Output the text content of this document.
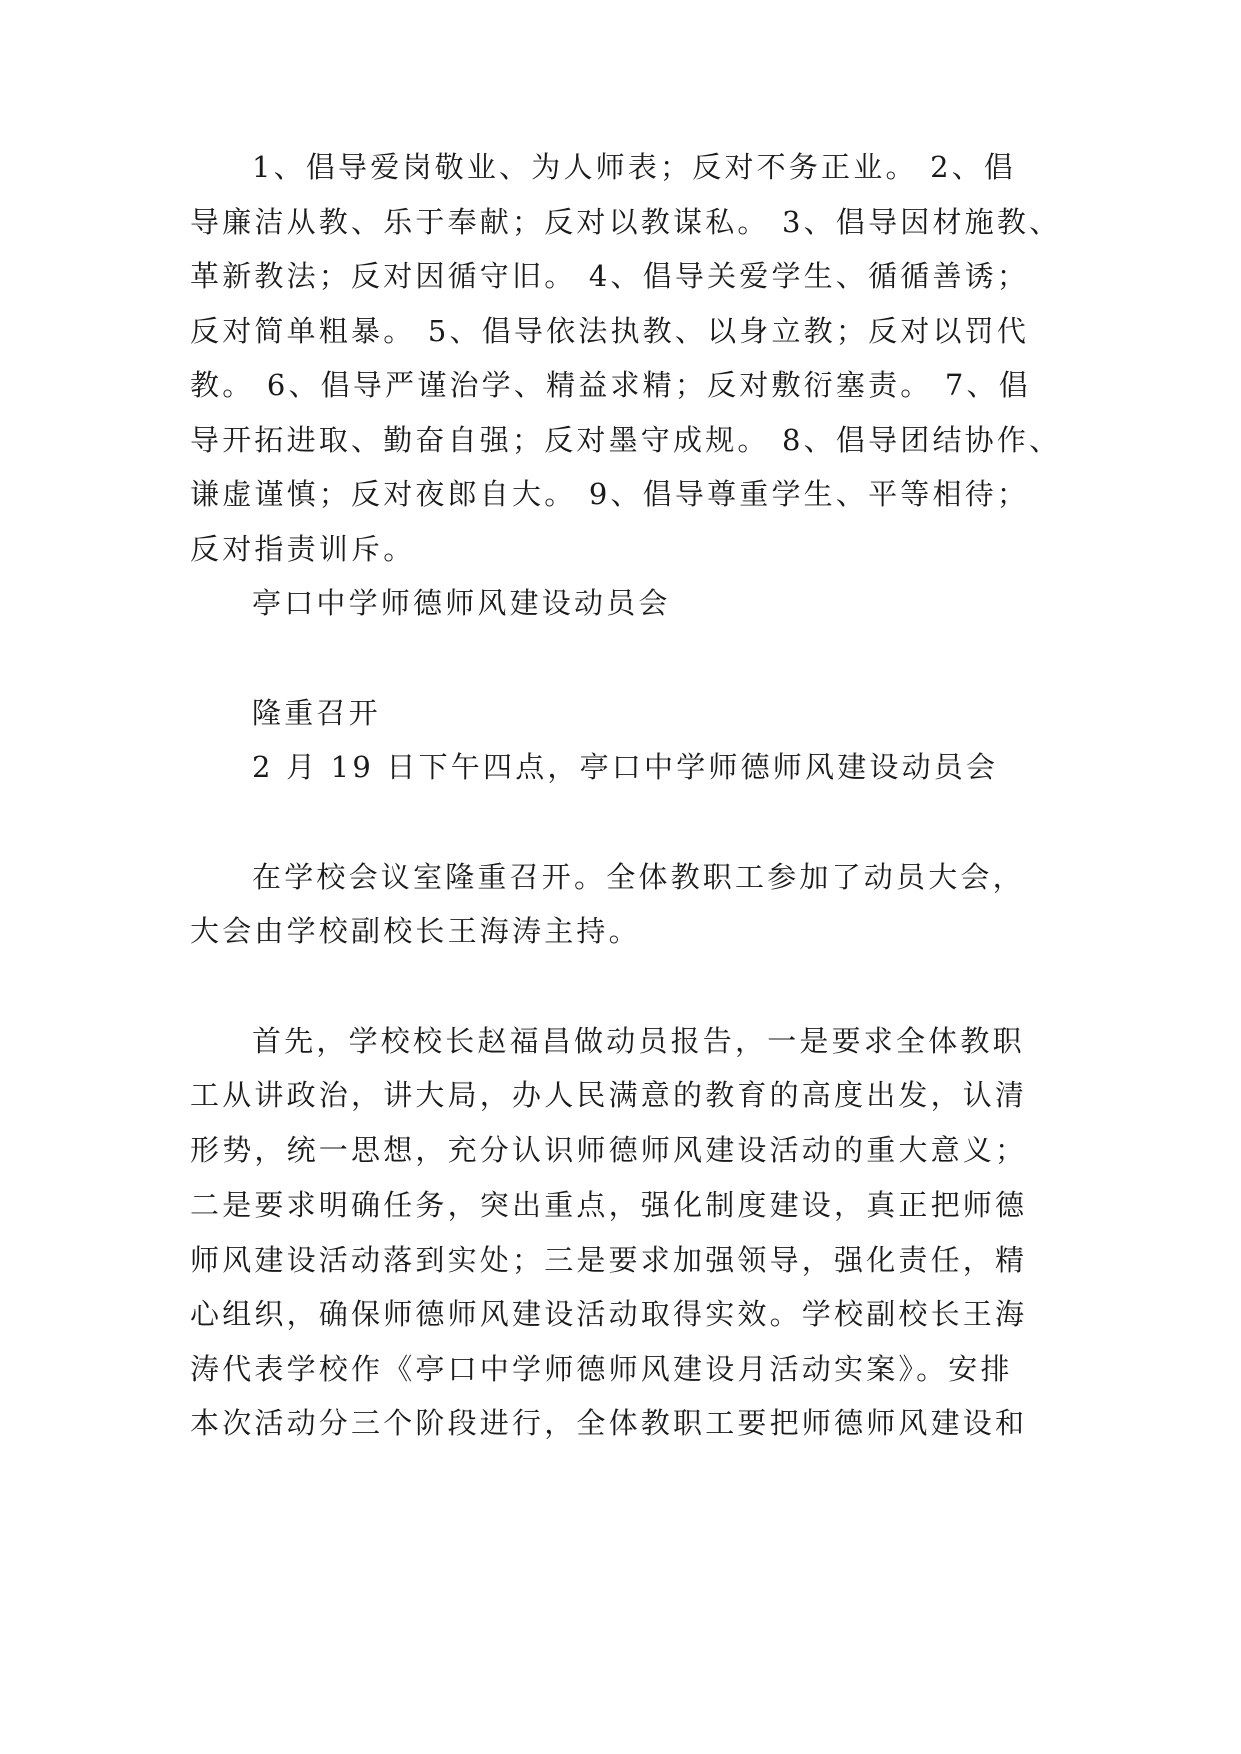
1、倡导爱岗敬业、为人师表；反对不务正业。 2、倡

导廉洁从教、乐于奉献；反对以教谋私。 3、倡导因材施教、

革新教法；反对因循守旧。 4、倡导关爱学生、循循善诱；

反对简单粗暴。 5、倡导依法执教、以身立教；反对以罚代

教。 6、倡导严谨治学、精益求精；反对敷衍塞责。 7、倡

导开拓进取、勤奋自强；反对墨守成规。 8、倡导团结协作、

谦虚谨慎；反对夜郎自大。 9、倡导尊重学生、平等相待；

反对指责训斥。

亭口中学师德师风建设动员会

隆重召开

2 月 19 日下午四点，亭口中学师德师风建设动员会

在学校会议室隆重召开。全体教职工参加了动员大会，

大会由学校副校长王海涛主持。

首先，学校校长赵福昌做动员报告，一是要求全体教职

工从讲政治，讲大局，办人民满意的教育的高度出发，认清

形势，统一思想，充分认识师德师风建设活动的重大意义；

二是要求明确任务，突出重点，强化制度建设，真正把师德

师风建设活动落到实处；三是要求加强领导，强化责任，精

心组织，确保师德师风建设活动取得实效。学校副校长王海

涛代表学校作《亭口中学师德师风建设月活动实案》。安排

本次活动分三个阶段进行，全体教职工要把师德师风建设和
